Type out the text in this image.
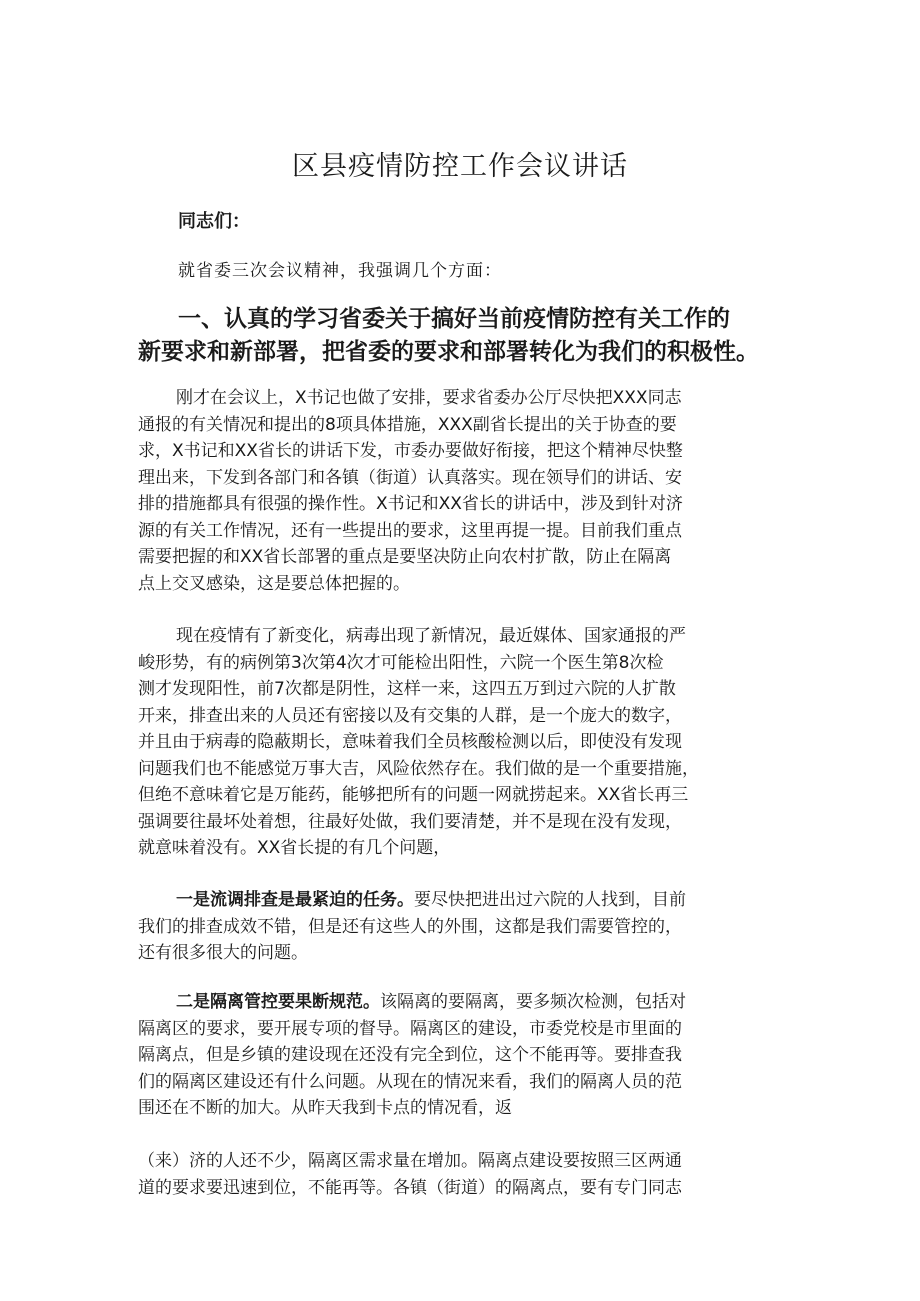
区县疫情防控工作会议讲话

同志们：

就省委三次会议精神，我强调几个方面：

一、认真的学习省委关于搞好当前疫情防控有关工作的
新要求和新部署，把省委的要求和部署转化为我们的积极性。
刚才在会议上，X书记也做了安排，要求省委办公厅尽快把XXX同志
通报的有关情况和提出的8项具体措施，XXX副省长提出的关于协查的要
求，X书记和XX省长的讲话下发，市委办要做好衔接，把这个精神尽快整
理出来，下发到各部门和各镇（街道）认真落实。现在领导们的讲话、安
排的措施都具有很强的操作性。X书记和XX省长的讲话中，涉及到针对济
源的有关工作情况，还有一些提出的要求，这里再提一提。目前我们重点
需要把握的和XX省长部署的重点是要坚决防止向农村扩散，防止在隔离
点上交叉感染，这是要总体把握的。
现在疫情有了新变化，病毒出现了新情况，最近媒体、国家通报的严
峻形势，有的病例第3次第4次才可能检出阳性，六院一个医生第8次检
测才发现阳性，前7次都是阴性，这样一来，这四五万到过六院的人扩散
开来，排查出来的人员还有密接以及有交集的人群，是一个庞大的数字，
并且由于病毒的隐蔽期长，意味着我们全员核酸检测以后，即使没有发现
问题我们也不能感觉万事大吉，风险依然存在。我们做的是一个重要措施，
但绝不意味着它是万能药，能够把所有的问题一网就捞起来。XX省长再三
强调要往最坏处着想，往最好处做，我们要清楚，并不是现在没有发现，
就意味着没有。XX省长提的有几个问题，
一是流调排查是最紧迫的任务。要尽快把进出过六院的人找到，目前
我们的排查成效不错，但是还有这些人的外围，这都是我们需要管控的，
还有很多很大的问题。
二是隔离管控要果断规范。该隔离的要隔离，要多频次检测，包括对
隔离区的要求，要开展专项的督导。隔离区的建设，市委党校是市里面的
隔离点，但是乡镇的建设现在还没有完全到位，这个不能再等。要排查我
们的隔离区建设还有什么问题。从现在的情况来看，我们的隔离人员的范
围还在不断的加大。从昨天我到卡点的情况看，返
（来）济的人还不少，隔离区需求量在增加。隔离点建设要按照三区两通
道的要求要迅速到位，不能再等。各镇（街道）的隔离点，要有专门同志
